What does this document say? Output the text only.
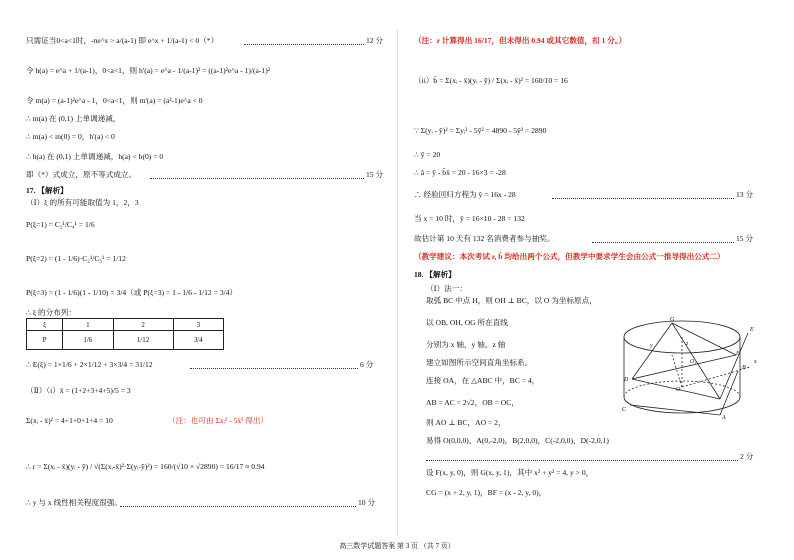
只需证当0<a<1时，-ne^x > a/(a-1) 即 e^x + 1/(a-1) < 0（*）	12 分
令 h(a) = e^a + 1/(a-1)，0<a<1，则 h'(a) = e^a - 1/(a-1)² = ((a-1)²e^a - 1)/(a-1)²
令 m(a) = (a-1)²e^a - 1，0<a<1，则 m'(a) = (a²-1)e^a < 0
∴ m(a) 在 (0,1) 上单调递减，
∴ m(a) < m(0) = 0，h'(a) < 0
∴ h(a) 在 (0,1) 上单调递减，h(a) < h(0) = 0
即（*）式成立，原不等式成立。	15 分
17. 【解析】
（Ⅰ）ξ 的所有可能取值为 1，2，3
P(ξ=1) = C₂¹/C₄¹ = 1/6
P(ξ=2) = (1 - 1/6)·C₂¹/C₅¹ = 1/12
P(ξ=3) = (1 - 1/6)(1 - 1/10) = 3/4（或 P(ξ=3) = 1 - 1/6 - 1/12 = 3/4）
∴ ξ 的分布列：
ξ	1	2	3
P	1/6	1/12	3/4
∴ E(ξ) = 1×1/6 + 2×1/12 + 3×3/4 = 31/12	6 分
（Ⅱ）（i）x̄ = (1+2+3+4+5)/5 = 3
Σ(xᵢ - x̄)² = 4+1+0+1+4 = 10	（注：也可由 Σxᵢ² - 5x̄² 得出）
∴ r = Σ(xᵢ - x̄)(yᵢ - ȳ) / √(Σ(xᵢ-x̄)²·Σ(yᵢ-ȳ)²) = 160/(√10 × √2890) = 16/17 ≈ 0.94
∴ y 与 x 线性相关程度很强。	10 分
（注：r 计算得出 16/17，但未得出 0.94 或其它数值，扣 1 分。）
（ii）b̂ = Σ(xᵢ - x̄)(yᵢ - ȳ) / Σ(xᵢ - x̄)² = 160/10 = 16
∵ Σ(yᵢ - ȳ)² = Σyᵢ² - 5ȳ² = 4890 - 5ȳ² = 2890
∴ ȳ = 20
∴ â = ȳ - b̂x̄ = 20 - 16×3 = -28
∴ 经验回归方程为 ŷ = 16x - 28	13 分
当 x = 10 时，ŷ = 16×10 - 28 = 132
故估计第 10 天有 132 名消费者参与抽奖。	15 分
（教学建议：本次考试 r, b̂ 均给出两个公式，但教学中要求学生会由公式一推导得出公式二）
18. 【解析】
（Ⅰ）法一：
取弧 BC 中点 H，则 OH ⊥ BC，以 O 为坐标原点，
以 OB, OH, OG 所在直线
分别为 x 轴，y 轴，z 轴
建立如图所示空间直角坐标系。
连接 OA，在 △ABC 中，BC = 4，
AB = AC = 2√2，OB = OC，
则 AO ⊥ BC，AO = 2，
易得 O(0,0,0)，A(0,-2,0)，B(2,0,0)，C(-2,0,0)，D(-2,0,1)
2 分
设 F(x, y, 0)，则 G(x, y, 1)，其中 x² + y² = 4, y > 0，
CG = (x + 2, y, 1)，BF = (x - 2, y, 0)，
G
E
D
y	z
O
O₁
B
C
x
A
F
高三数学试题答案 第 3 页 （共 7 页）
